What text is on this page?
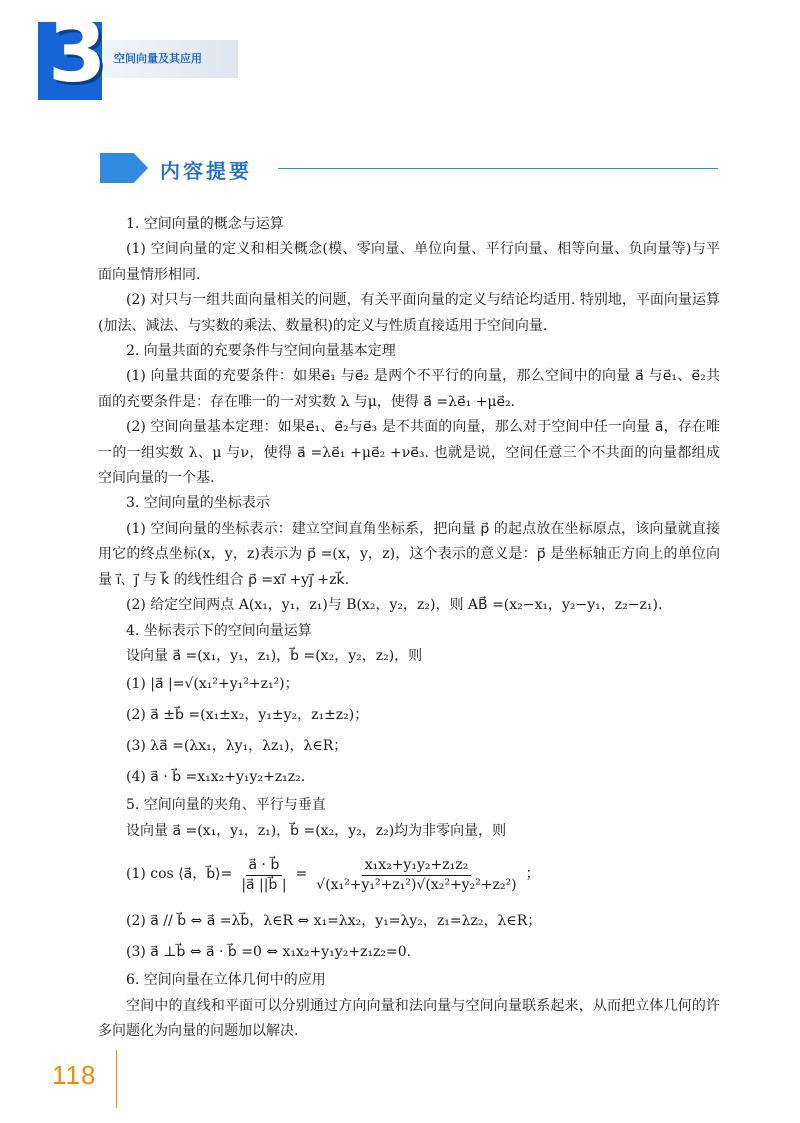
3 空间向量及其应用
内容提要

1. 空间向量的概念与运算

(1) 空间向量的定义和相关概念(模、零向量、单位向量、平行向量、相等向量、负向量等)与平面向量情形相同.

(2) 对只与一组共面向量相关的问题，有关平面向量的定义与结论均适用. 特别地，平面向量运算(加法、减法、与实数的乘法、数量积)的定义与性质直接适用于空间向量.

2. 向量共面的充要条件与空间向量基本定理

(1) 向量共面的充要条件：如果e⃗₁ 与e⃗₂ 是两个不平行的向量，那么空间中的向量 a⃗ 与e⃗₁、e⃗₂共面的充要条件是：存在唯一的一对实数 λ 与μ，使得 a⃗ =λe⃗₁ +μe⃗₂.

(2) 空间向量基本定理：如果e⃗₁、e⃗₂与e⃗₃ 是不共面的向量，那么对于空间中任一向量 a⃗，存在唯一的一组实数 λ、μ 与ν，使得 a⃗ =λe⃗₁ +μe⃗₂ +νe⃗₃. 也就是说，空间任意三个不共面的向量都组成空间向量的一个基.

3. 空间向量的坐标表示

(1) 空间向量的坐标表示：建立空间直角坐标系，把向量 p⃗ 的起点放在坐标原点，该向量就直接用它的终点坐标(x，y，z)表示为 p⃗ =(x，y，z)，这个表示的意义是：p⃗ 是坐标轴正方向上的单位向量 i⃗、j⃗ 与 k⃗ 的线性组合 p⃗ =xi⃗ +yj⃗ +zk⃗.

(2) 给定空间两点 A(x₁，y₁，z₁)与 B(x₂，y₂，z₂)，则 AB⃗ =(x₂−x₁，y₂−y₁，z₂−z₁).

4. 坐标表示下的空间向量运算

设向量 a⃗ =(x₁，y₁，z₁)，b⃗ =(x₂，y₂，z₂)，则

(1) |a⃗ |=√(x₁²+y₁²+z₁²)；

(2) a⃗ ±b⃗ =(x₁±x₂，y₁±y₂，z₁±z₂)；

(3) λa⃗ =(λx₁，λy₁，λz₁)，λ∈R；

(4) a⃗ · b⃗ =x₁x₂+y₁y₂+z₁z₂.

5. 空间向量的夹角、平行与垂直

设向量 a⃗ =(x₁，y₁，z₁)，b⃗ =(x₂，y₂，z₂)均为非零向量，则

(1) cos ⟨a⃗，b⃗⟩= $\frac{a⃗ \cdot b⃗}{|a⃗ ||b⃗ |} = \frac{\text{x₁x₂+y₁y₂+z₁z₂}}{\text{√(x₁²+y₁²+z₁²)√(x₂²+y₂²+z₂²)}}$ ；

(2) a⃗ // b⃗ ⇔ a⃗ =λb⃗，λ∈R ⇔ x₁=λx₂，y₁=λy₂，z₁=λz₂，λ∈R；

(3) a⃗ ⊥b⃗ ⇔ a⃗ · b⃗ =0 ⇔ x₁x₂+y₁y₂+z₁z₂=0.

6. 空间向量在立体几何中的应用

空间中的直线和平面可以分别通过方向向量和法向量与空间向量联系起来，从而把立体几何的许多问题化为向量的问题加以解决.

118
